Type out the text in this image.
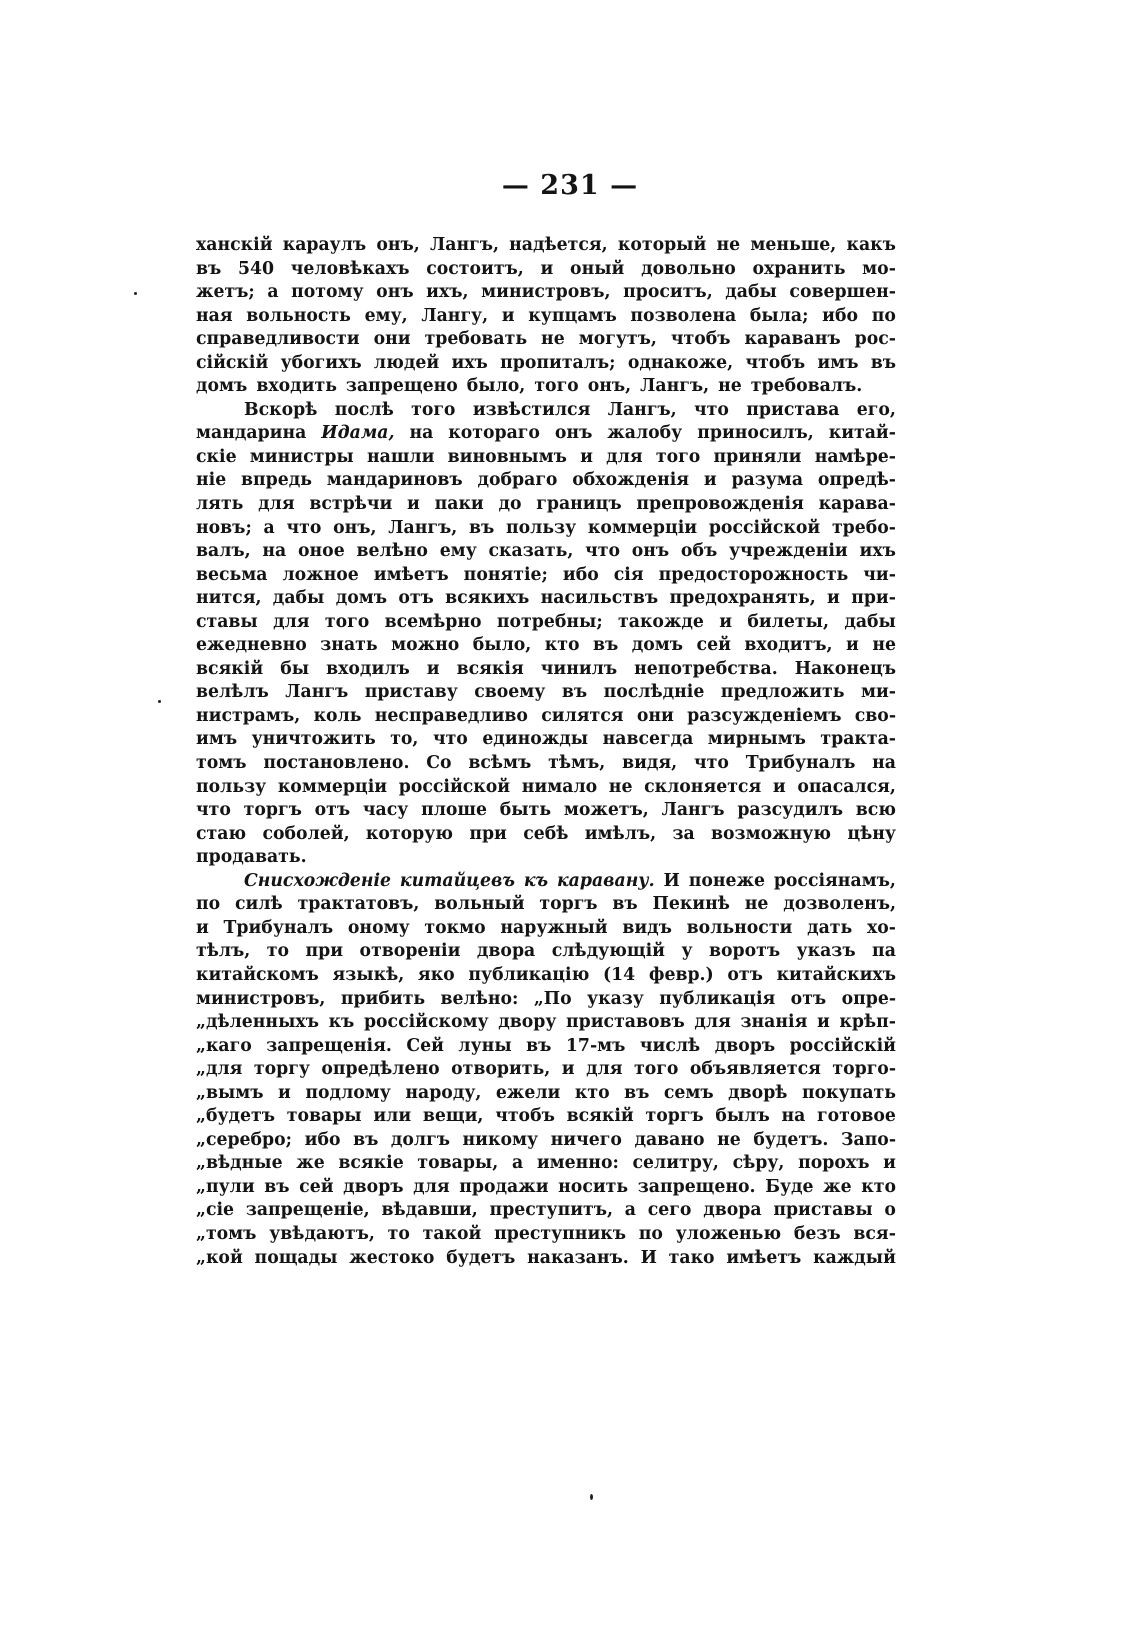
— 231 —
ханскій караулъ онъ, Лангъ, надѣется, который не меньше, какъ
въ 540 человѣкахъ состоитъ, и оный довольно охранить мо-
жетъ; а потому онъ ихъ, министровъ, проситъ, дабы совершен-
ная вольность ему, Лангу, и купцамъ позволена была; ибо по
справедливости они требовать не могутъ, чтобъ караванъ рос-
сійскій убогихъ людей ихъ пропиталъ; однакоже, чтобъ имъ въ
домъ входить запрещено было, того онъ, Лангъ, не требовалъ.
Вскорѣ послѣ того извѣстился Лангъ, что пристава его,
мандарина Идама, на котораго онъ жалобу приносилъ, китай-
скіе министры нашли виновнымъ и для того приняли намѣре-
ніе впредь мандариновъ добраго обхожденія и разума опредѣ-
лять для встрѣчи и паки до границъ препровожденія карава-
новъ; а что онъ, Лангъ, въ пользу коммерціи россійской требо-
валъ, на оное велѣно ему сказать, что онъ объ учрежденіи ихъ
весьма ложное имѣетъ понятіе; ибо сія предосторожность чи-
нится, дабы домъ отъ всякихъ насильствъ предохранять, и при-
ставы для того всемѣрно потребны; такожде и билеты, дабы
ежедневно знать можно было, кто въ домъ сей входитъ, и не
всякій бы входилъ и всякія чинилъ непотребства. Наконецъ
велѣлъ Лангъ приставу своему въ послѣдніе предложить ми-
нистрамъ, коль несправедливо силятся они разсужденіемъ сво-
имъ уничтожить то, что единожды навсегда мирнымъ трактa-
томъ постановлено. Со всѣмъ тѣмъ, видя, что Трибуналъ на
пользу коммерціи россійской нимало не склоняется и опасался,
что торгъ отъ часу плоше быть можетъ, Лангъ разсудилъ всю
стаю соболей, которую при себѣ имѣлъ, за возможную цѣну
продавать.
Снисхожденіе китайцевъ къ каравану. И понеже россіянамъ,
по силѣ трактатовъ, вольный торгъ въ Пекинѣ не дозволенъ,
и Трибуналъ оному токмо наружный видъ вольности дать хо-
тѣлъ, то при отвореніи двора слѣдующій у воротъ указъ па
китайскомъ языкѣ, яко публикацію (14 февр.) отъ китайскихъ
министровъ, прибить велѣно: „По указу публикація отъ опре-
„дѣленныхъ къ россійскому двору приставовъ для знанія и крѣп-
„каго запрещенія. Сей луны въ 17-мъ числѣ дворъ россійскій
„для торгу опредѣлено отворить, и для того объявляется торго-
„вымъ и подлому народу, ежели кто въ семъ дворѣ покупать
„будетъ товары или вещи, чтобъ всякій торгъ былъ на готовое
„серебро; ибо въ долгъ никому ничего давано не будетъ. Запо-
„вѣдные же всякіе товары, а именно: селитру, сѣру, порохъ и
„пули въ сей дворъ для продажи носить запрещено. Буде же кто
„сіе запрещеніе, вѣдавши, преступитъ, а сего двора приставы о
„томъ увѣдаютъ, то такой преступникъ по уложенью безъ вся-
„кой пощады жестоко будетъ наказанъ. И тако имѣетъ каждый
